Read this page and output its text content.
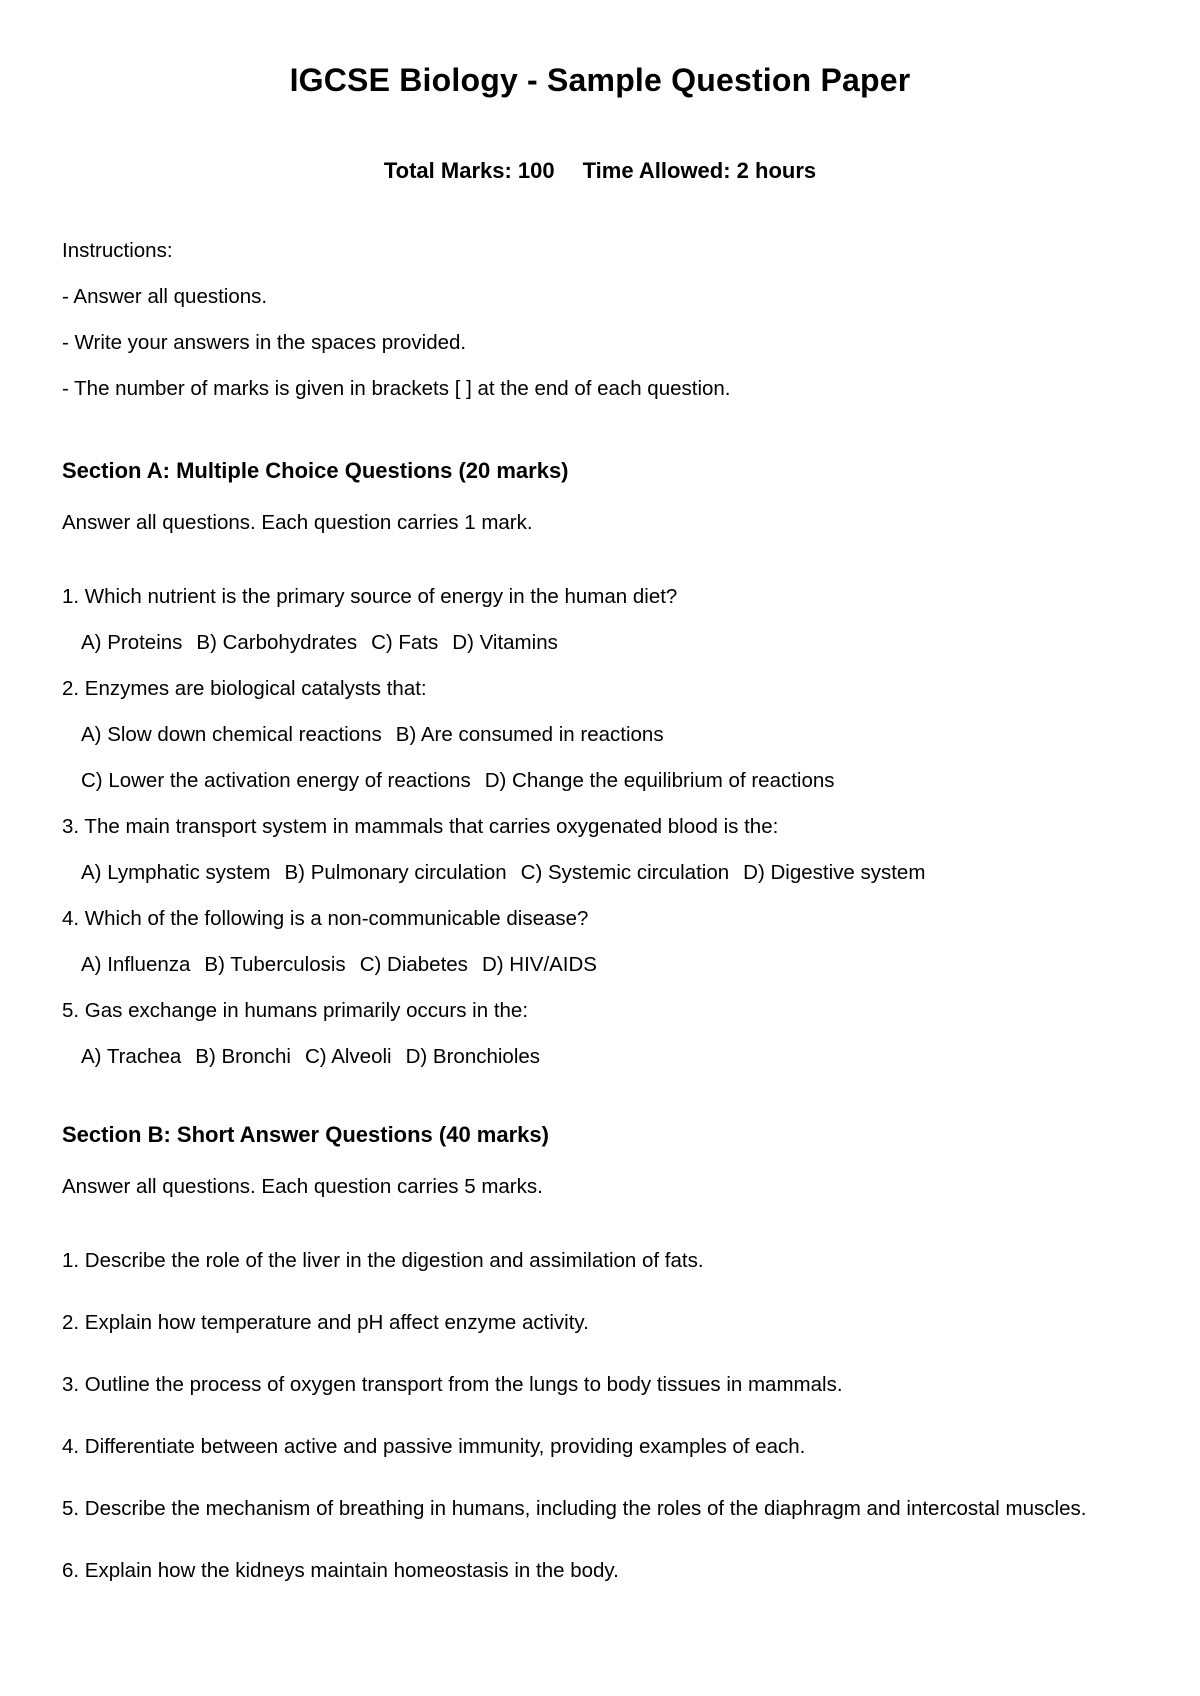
IGCSE Biology - Sample Question Paper
Total Marks: 100 Time Allowed: 2 hours
Instructions:
- Answer all questions.
- Write your answers in the spaces provided.
- The number of marks is given in brackets [ ] at the end of each question.
Section A: Multiple Choice Questions (20 marks)
Answer all questions. Each question carries 1 mark.
1. Which nutrient is the primary source of energy in the human diet?
A) Proteins B) Carbohydrates C) Fats D) Vitamins
2. Enzymes are biological catalysts that:
A) Slow down chemical reactions B) Are consumed in reactions
C) Lower the activation energy of reactions D) Change the equilibrium of reactions
3. The main transport system in mammals that carries oxygenated blood is the:
A) Lymphatic system B) Pulmonary circulation C) Systemic circulation D) Digestive system
4. Which of the following is a non-communicable disease?
A) Influenza B) Tuberculosis C) Diabetes D) HIV/AIDS
5. Gas exchange in humans primarily occurs in the:
A) Trachea B) Bronchi C) Alveoli D) Bronchioles
Section B: Short Answer Questions (40 marks)
Answer all questions. Each question carries 5 marks.
1. Describe the role of the liver in the digestion and assimilation of fats.
2. Explain how temperature and pH affect enzyme activity.
3. Outline the process of oxygen transport from the lungs to body tissues in mammals.
4. Differentiate between active and passive immunity, providing examples of each.
5. Describe the mechanism of breathing in humans, including the roles of the diaphragm and intercostal muscles.
6. Explain how the kidneys maintain homeostasis in the body.
